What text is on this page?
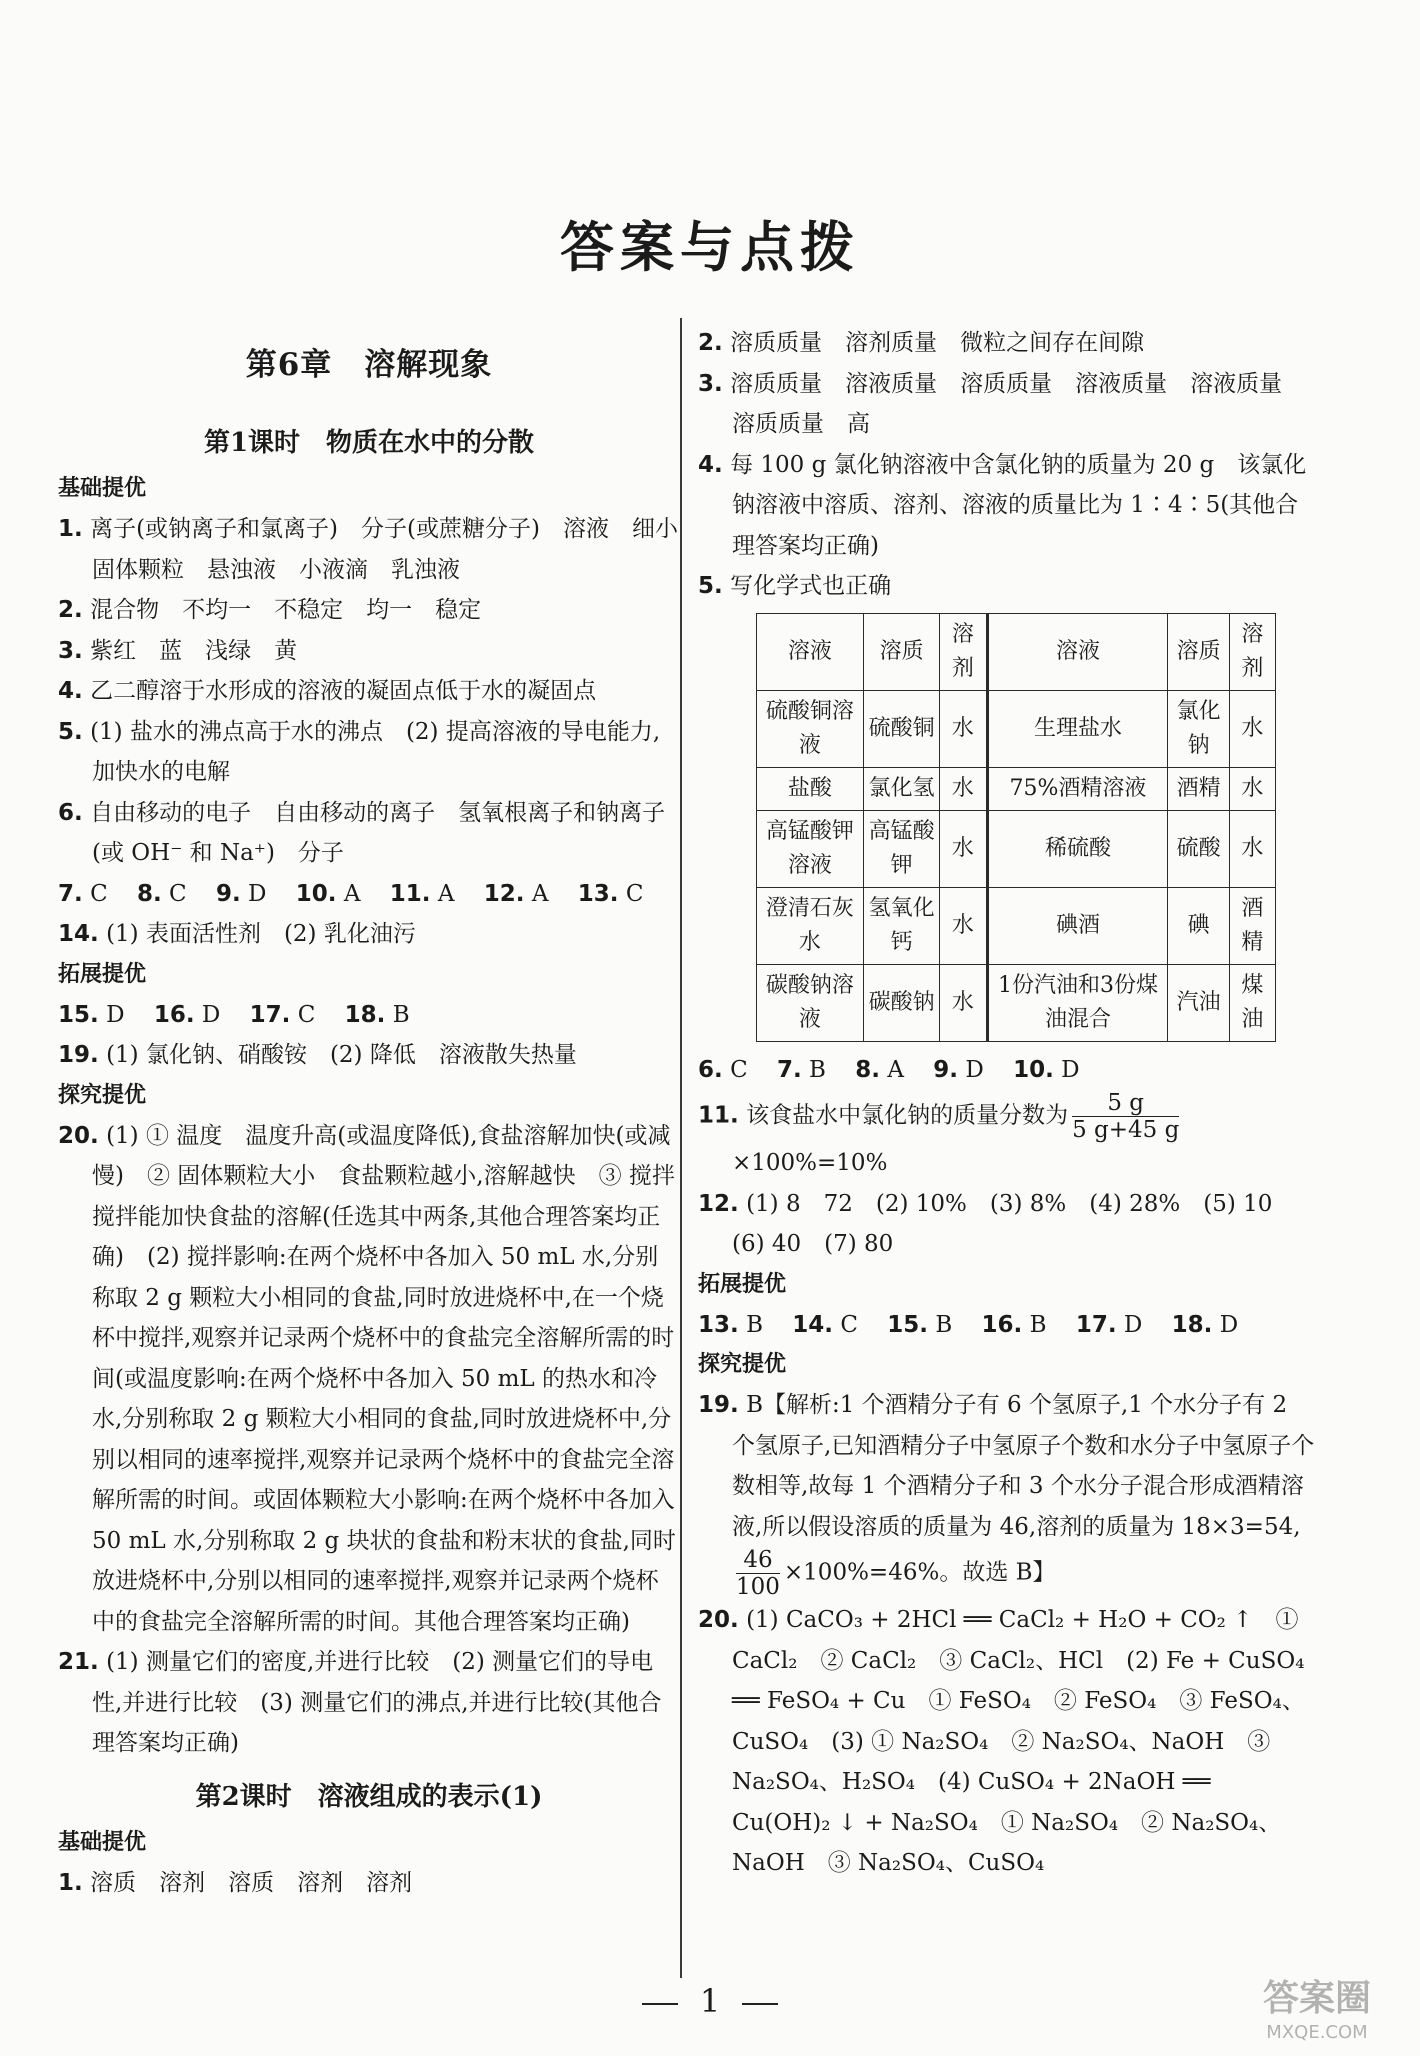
答案与点拨
第6章　溶解现象
第1课时　物质在水中的分散
基础提优
1. 离子(或钠离子和氯离子)　分子(或蔗糖分子)　溶液　细小固体颗粒　悬浊液　小液滴　乳浊液
2. 混合物　不均一　不稳定　均一　稳定
3. 紫红　蓝　浅绿　黄
4. 乙二醇溶于水形成的溶液的凝固点低于水的凝固点
5. (1) 盐水的沸点高于水的沸点　(2) 提高溶液的导电能力,加快水的电解
6. 自由移动的电子　自由移动的离子　氢氧根离子和钠离子(或 OH⁻ 和 Na⁺)　分子
7. C 8. C 9. D 10. A 11. A 12. A 13. C
14. (1) 表面活性剂　(2) 乳化油污
拓展提优
15. D 16. D 17. C 18. B
19. (1) 氯化钠、硝酸铵　(2) 降低　溶液散失热量
探究提优
20. (1) ① 温度　温度升高(或温度降低),食盐溶解加快(或减慢)　② 固体颗粒大小　食盐颗粒越小,溶解越快　③ 搅拌　搅拌能加快食盐的溶解(任选其中两条,其他合理答案均正确)　(2) 搅拌影响:在两个烧杯中各加入 50 mL 水,分别称取 2 g 颗粒大小相同的食盐,同时放进烧杯中,在一个烧杯中搅拌,观察并记录两个烧杯中的食盐完全溶解所需的时间(或温度影响:在两个烧杯中各加入 50 mL 的热水和冷水,分别称取 2 g 颗粒大小相同的食盐,同时放进烧杯中,分别以相同的速率搅拌,观察并记录两个烧杯中的食盐完全溶解所需的时间。或固体颗粒大小影响:在两个烧杯中各加入 50 mL 水,分别称取 2 g 块状的食盐和粉末状的食盐,同时放进烧杯中,分别以相同的速率搅拌,观察并记录两个烧杯中的食盐完全溶解所需的时间。其他合理答案均正确)
21. (1) 测量它们的密度,并进行比较　(2) 测量它们的导电性,并进行比较　(3) 测量它们的沸点,并进行比较(其他合理答案均正确)
第2课时　溶液组成的表示(1)
基础提优
1. 溶质　溶剂　溶质　溶剂　溶剂
2. 溶质质量　溶剂质量　微粒之间存在间隙
3. 溶质质量　溶液质量　溶质质量　溶液质量　溶液质量　溶质质量　高
4. 每 100 g 氯化钠溶液中含氯化钠的质量为 20 g　该氯化钠溶液中溶质、溶剂、溶液的质量比为 1∶4∶5(其他合理答案均正确)
5. 写化学式也正确
溶液	溶质	溶剂	溶液	溶质	溶剂
硫酸铜溶液	硫酸铜	水	生理盐水	氯化钠	水
盐酸	氯化氢	水	75%酒精溶液	酒精	水
高锰酸钾溶液	高锰酸钾	水	稀硫酸	硫酸	水
澄清石灰水	氢氧化钙	水	碘酒	碘	酒精
碳酸钠溶液	碳酸钠	水	1份汽油和3份煤油混合	汽油	煤油
6. C 7. B 8. A 9. D 10. D
11. 该食盐水中氯化钠的质量分数为 $\frac{5 g}{5 g+45 g}$
×100%=10%
12. (1) 8　72　(2) 10%　(3) 8%　(4) 28%　(5) 10　(6) 40　(7) 80
拓展提优
13. B 14. C 15. B 16. B 17. D 18. D
探究提优
19. B【解析:1 个酒精分子有 6 个氢原子,1 个水分子有 2 个氢原子,已知酒精分子中氢原子个数和水分子中氢原子个数相等,故每 1 个酒精分子和 3 个水分子混合形成酒精溶液,所以假设溶质的质量为 46,溶剂的质量为 18×3=54,
$\frac{46}{100} \times 100\%=46\%$。故选 B】
20. (1) CaCO₃ + 2HCl ══ CaCl₂ + H₂O + CO₂ ↑　① CaCl₂　② CaCl₂　③ CaCl₂、HCl　(2) Fe + CuSO₄ ══ FeSO₄ + Cu　① FeSO₄　② FeSO₄　③ FeSO₄、CuSO₄　(3) ① Na₂SO₄　② Na₂SO₄、NaOH　③ Na₂SO₄、H₂SO₄　(4) CuSO₄ + 2NaOH ══ Cu(OH)₂ ↓ + Na₂SO₄　① Na₂SO₄　② Na₂SO₄、NaOH　③ Na₂SO₄、CuSO₄
1	答案圈
MXQE.COM
